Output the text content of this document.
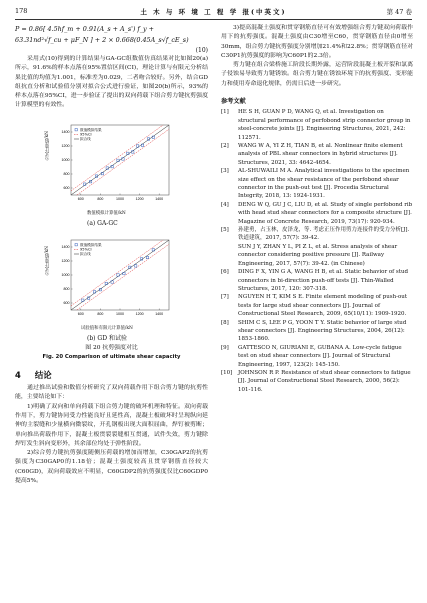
178	土 木 与 环 境 工 程 学 报(中英文)	第 47 卷
P = 0.86[ 4.5hf_m + 0.91(A_s + A_s') f_y +
63.31nd²√f_cu + μF_N ] + 2 × 0.668(0.45A_s√f_cE_s)
(10)

采用式(10)得到的计算结果与GA-GC组数值仿真结果对比如图20(a)所示，91.6%的样本点落在95%置信区间(CI)，理论计算与有限元分析结果比值的均值为1.001，标准差为0.029，二者吻合较好。另外，结合GD组抗直分析和试验值分别对拟合公式进行验证，如图20(b)所示，93%的样本点落在95%CI，进一步验证了提出的双向荷载下组合剪力键抗剪强度计算模型的有效性。

600	800	1000	1200	1400
600
800
1000
1200
1400
数值模拟结果
95%CI
拟合线
公式计算值/kN
数值模拟计算值/kN
(a) GA-GC
600	800	1000	1200	1400
600
800
1000
1200
1400
数值模拟结果
95%CI
拟合线
公式计算值/kN
试验值和有限元计算值/kN
(b) GD 和试验
图 20 抗剪强度对比
Fig. 20 Comparison of ultimate shear capacity
4 结论

通过推出试验和数值分析研究了双向荷载作用下组合剪力键的抗剪性能，主要结论如下：

1)明确了双向和单向荷载下组合剪力键的破坏机理和特征。双向荷载作用下，剪力键协同受力性能良好且延性高，混凝土板破坏时呈现纵向延伸的主裂缝和少量横向微裂纹，开孔钢板出现大面积屈曲，焊钉被剪断；单向推出荷载作用下，混凝土板贯裂裂缝相互贯通，试件失效，剪力键除焊钉发生斜向变形外，其余部位均处于弹性阶段。

2)综合剪力键抗剪强度随侧压荷载的增加而增加，C30GAP2的抗剪强度为C30GAP0的1.18倍；混凝土强度较高且贯穿钢筋直径较大(C60GD)，双向荷载效应不明显，C60GDP2的抗剪强度仅比C60GDP0提高5%。

3)提高混凝土强度和贯穿钢筋直径可有效增强组合剪力键双向荷载作用下的抗剪强度。混凝土强度由C30增至C60，贯穿钢筋直径由0增至30mm，组合剪力键抗剪强度分别增加21.4%和22.8%；贯穿钢筋直径对C30P1抗剪强度的影响为C60P1的2.3倍。

剪力键在组合梁桥施工阶段长期外露，运营阶段混凝土板开裂和氯离子侵蚀易导致剪力键锈蚀。组合剪力键在锈蚀环境下的抗剪强度、变形能力和使用寿命退化规律，仍需日后进一步研究。

参考文献
[1] HE S H, GUAN P D, WANG Q, et al. Investigation on structural performance of perfobond strip connector group in steel-concrete joints [J]. Engineering Structures, 2021, 242: 112571.
[2] WANG W A, YI Z H, TIAN B, et al. Nonlinear finite element analysis of PBL shear connectors in hybrid structures [J]. Structures, 2021, 33: 4642-4654.
[3] AL-SHUWAILI M A. Analytical investigations to the specimen size effect on the shear resistance of the perfobond shear connector in the push-out test [J]. Procedia Structural Integrity, 2018, 13: 1924-1931.
[4] DENG W Q, GU J C, LIU D, et al. Study of single perfobond rib with head stud shear connectors for a composite structure [J]. Magazine of Concrete Research, 2019, 73(17): 920-934.
[5] 孙建勇，占玉林，皮泽龙，等. 考虑正压作用剪力连接件的受力分析[J]. 铁道建筑，2017, 57(7): 39-42.
SUN J Y, ZHAN Y L, PI Z L, et al. Stress analysis of shear connector considering positive pressure [J]. Railway Engineering, 2017, 57(7): 39-42. (in Chinese)
[6] DING F X, YIN G A, WANG H B, et al. Static behavior of stud connectors in bi-direction push-off tests [J]. Thin-Walled Structures, 2017, 120: 307-318.
[7] NGUYEN H T, KIM S E. Finite element modeling of push-out tests for large stud shear connectors [J]. Journal of Constructional Steel Research, 2009, 65(10/11): 1909-1920.
[8] SHIM C S, LEE P G, YOON T Y. Static behavior of large stud shear connectors [J]. Engineering Structures, 2004, 26(12): 1853-1860.
[9] GATTESCO N, GIURIANI E, GUBANA A. Low-cycle fatigue test on stud shear connectors [J]. Journal of Structural Engineering, 1997, 123(2): 145-150.
[10] JOHNSON R P. Resistance of stud shear connectors to fatigue [J]. Journal of Constructional Steel Research, 2000, 56(2): 101-116.
